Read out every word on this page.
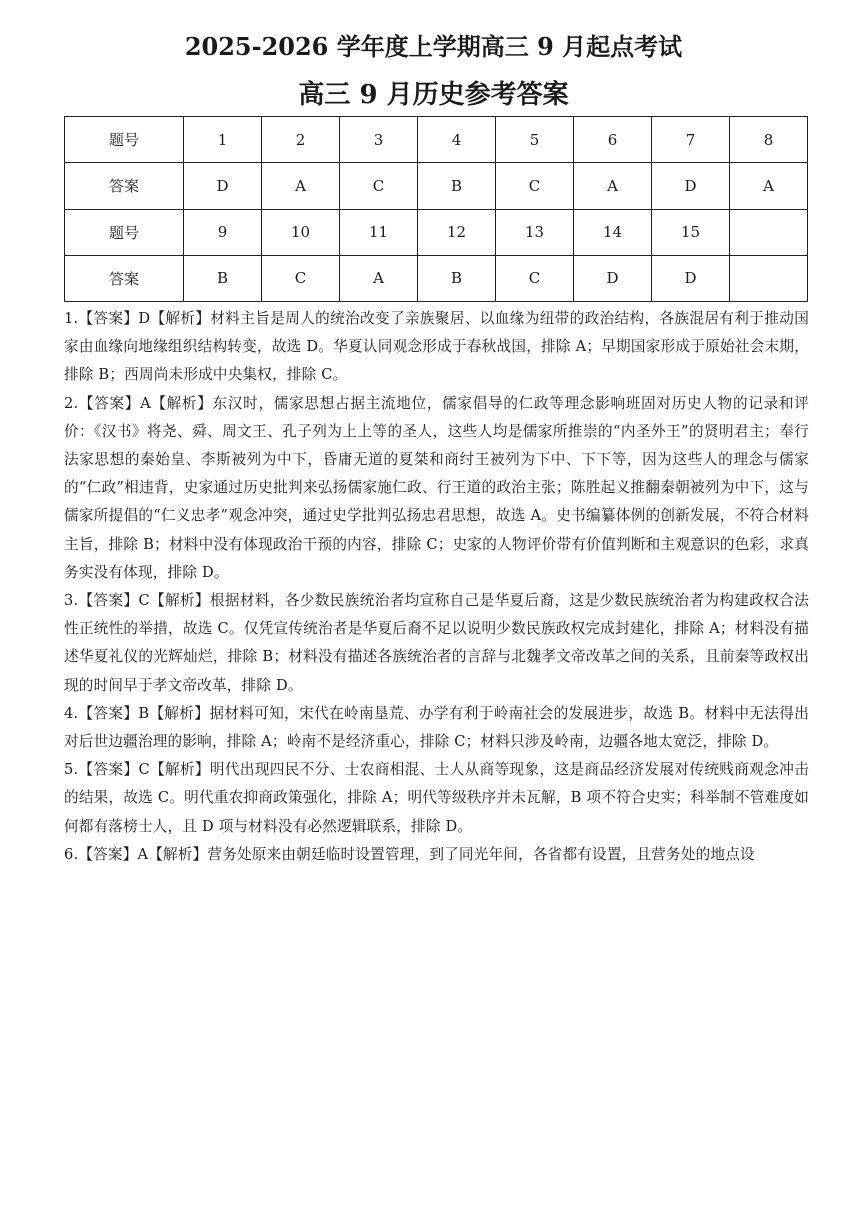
2025-2026 学年度上学期高三 9 月起点考试
高三 9 月历史参考答案
题号	1	2	3	4	5	6	7	8
答案	D	A	C	B	C	A	D	A
题号	9	10	11	12	13	14	15	
答案	B	C	A	B	C	D	D	

1.【答案】D【解析】材料主旨是周人的统治改变了亲族聚居、以血缘为纽带的政治结构，各族混居有利于推动国家由血缘向地缘组织结构转变，故选 D。华夏认同观念形成于春秋战国，排除 A；早期国家形成于原始社会末期，排除 B；西周尚未形成中央集权，排除 C。

2.【答案】A【解析】东汉时，儒家思想占据主流地位，儒家倡导的仁政等理念影响班固对历史人物的记录和评价：《汉书》将尧、舜、周文王、孔子列为上上等的圣人，这些人均是儒家所推崇的“内圣外王”的贤明君主；奉行法家思想的秦始皇、李斯被列为中下，昏庸无道的夏桀和商纣王被列为下中、下下等，因为这些人的理念与儒家的“仁政”相违背，史家通过历史批判来弘扬儒家施仁政、行王道的政治主张；陈胜起义推翻秦朝被列为中下，这与儒家所提倡的“仁义忠孝”观念冲突，通过史学批判弘扬忠君思想，故选 A。史书编纂体例的创新发展，不符合材料主旨，排除 B；材料中没有体现政治干预的内容，排除 C；史家的人物评价带有价值判断和主观意识的色彩，求真务实没有体现，排除 D。

3.【答案】C【解析】根据材料，各少数民族统治者均宣称自己是华夏后裔，这是少数民族统治者为构建政权合法性正统性的举措，故选 C。仅凭宣传统治者是华夏后裔不足以说明少数民族政权完成封建化，排除 A；材料没有描述华夏礼仪的光辉灿烂，排除 B；材料没有描述各族统治者的言辞与北魏孝文帝改革之间的关系，且前秦等政权出现的时间早于孝文帝改革，排除 D。

4.【答案】B【解析】据材料可知，宋代在岭南垦荒、办学有利于岭南社会的发展进步，故选 B。材料中无法得出对后世边疆治理的影响，排除 A；岭南不是经济重心，排除 C；材料只涉及岭南，边疆各地太宽泛，排除 D。

5.【答案】C【解析】明代出现四民不分、士农商相混、士人从商等现象，这是商品经济发展对传统贱商观念冲击的结果，故选 C。明代重农抑商政策强化，排除 A；明代等级秩序并未瓦解，B 项不符合史实；科举制不管难度如何都有落榜士人，且 D 项与材料没有必然逻辑联系，排除 D。

6.【答案】A【解析】营务处原来由朝廷临时设置管理，到了同光年间，各省都有设置，且营务处的地点设
